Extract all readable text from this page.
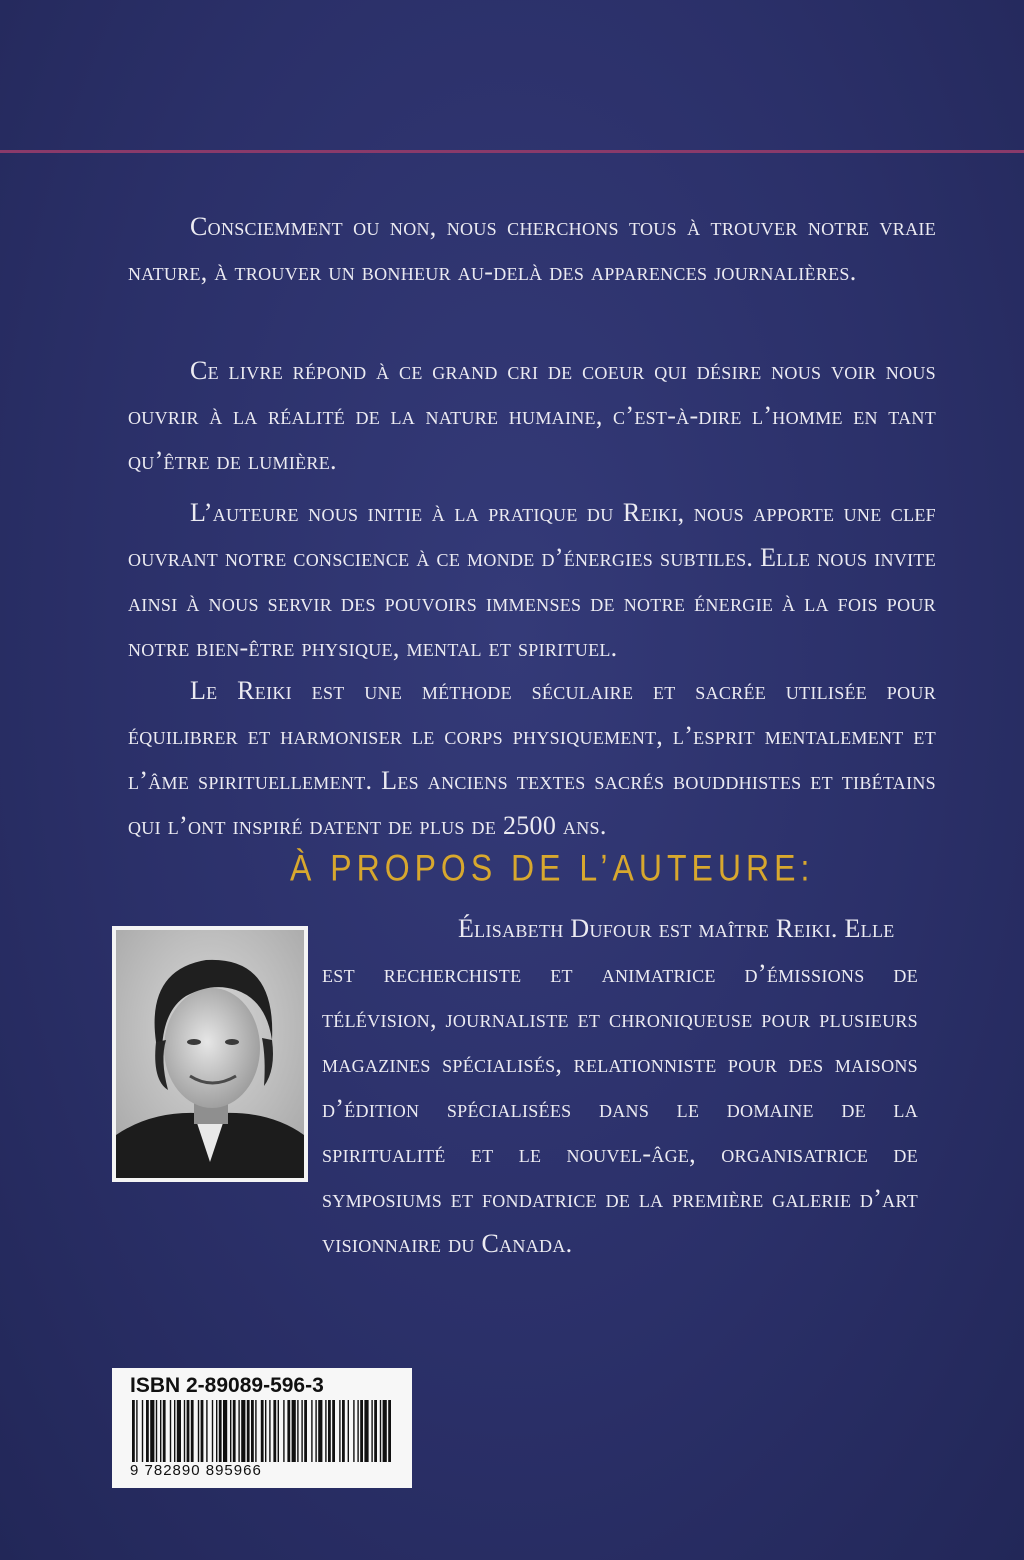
Consciemment ou non, nous cherchons tous à trouver notre vraie nature, à trouver un bonheur au-delà des apparences journalières.

Ce livre répond à ce grand cri de coeur qui désire nous voir nous ouvrir à la réalité de la nature humaine, c’est-à-dire l’homme en tant qu’être de lumière.

L’auteure nous initie à la pratique du Reiki, nous apporte une clef ouvrant notre conscience à ce monde d’énergies subtiles. Elle nous invite ainsi à nous servir des pouvoirs immenses de notre énergie à la fois pour notre bien-être physique, mental et spirituel.

Le Reiki est une méthode séculaire et sacrée utilisée pour équilibrer et harmoniser le corps physiquement, l’esprit mentalement et l’âme spirituellement. Les anciens textes sacrés bouddhistes et tibétains qui l’ont inspiré datent de plus de 2500 ans.

À PROPOS DE L’AUTEURE:

Élisabeth Dufour est maître Reiki. Elle
est recherchiste et animatrice d’émissions de télévision, journaliste et chroniqueuse pour plusieurs magazines spécialisés, relationniste pour des maisons d’édition spécialisées dans le domaine de la spiritualité et le nouvel-âge, organisatrice de symposiums et fondatrice de la première galerie d’art visionnaire du Canada.

ISBN 2-89089-596-3

9 782890 895966
